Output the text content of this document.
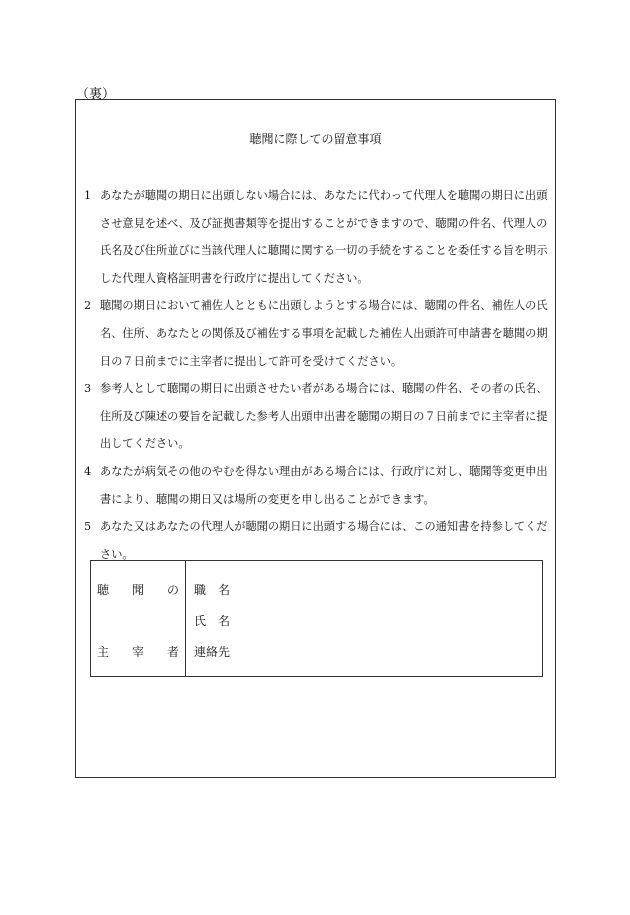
（裏）
聴聞に際しての留意事項
1 あなたが聴聞の期日に出頭しない場合には、あなたに代わって代理人を聴聞の期日に出頭させ意見を述べ、及び証拠書類等を提出することができますので、聴聞の件名、代理人の氏名及び住所並びに当該代理人に聴聞に関する一切の手続をすることを委任する旨を明示した代理人資格証明書を行政庁に提出してください。
2 聴聞の期日において補佐人とともに出頭しようとする場合には、聴聞の件名、補佐人の氏名、住所、あなたとの関係及び補佐する事項を記載した補佐人出頭許可申請書を聴聞の期日の７日前までに主宰者に提出して許可を受けてください。
3 参考人として聴聞の期日に出頭させたい者がある場合には、聴聞の件名、その者の氏名、住所及び陳述の要旨を記載した参考人出頭申出書を聴聞の期日の７日前までに主宰者に提出してください。
4 あなたが病気その他のやむを得ない理由がある場合には、行政庁に対し、聴聞等変更申出書により、聴聞の期日又は場所の変更を申し出ることができます。
5 あなた又はあなたの代理人が聴聞の期日に出頭する場合には、この通知書を持参してください。
聴 聞 の
主 宰 者
職　名
氏　名
連絡先
